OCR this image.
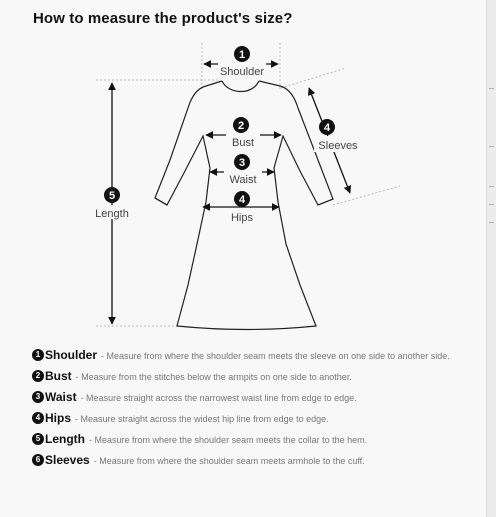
How to measure the product's size?
1
2
3
4
5
4
Shoulder
Bust
Waist
Hips
Length
Sleeves
1 Shoulder - Measure from where the shoulder seam meets the sleeve on one side to another side.
2 Bust - Measure from the stitches below the armpits on one side to another.
3 Waist - Measure straight across the narrowest waist line from edge to edge.
4 Hips - Measure straight across the widest hip line from edge to edge.
5 Length - Measure from where the shoulder seam meets the collar to the hem.
6 Sleeves - Measure from where the shoulder seam meets armhole to the cuff.
